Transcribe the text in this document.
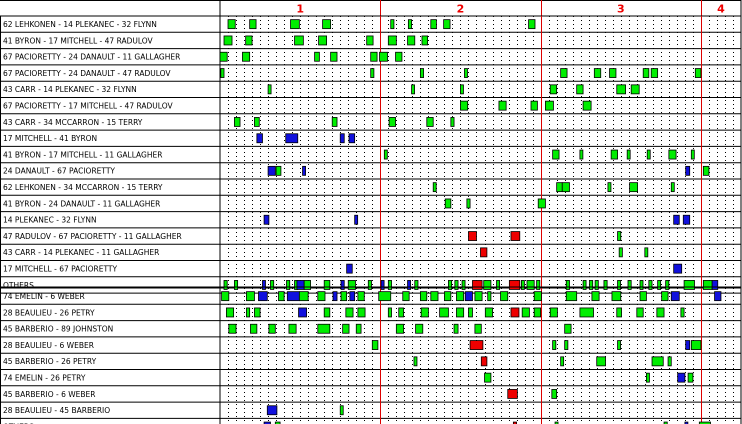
1	2	3	4
62 LEHKONEN - 14 PLEKANEC - 32 FLYNN
41 BYRON - 17 MITCHELL - 47 RADULOV
67 PACIORETTY - 24 DANAULT - 11 GALLAGHER
67 PACIORETTY - 24 DANAULT - 47 RADULOV
43 CARR - 14 PLEKANEC - 32 FLYNN
67 PACIORETTY - 17 MITCHELL - 47 RADULOV
43 CARR - 34 MCCARRON - 15 TERRY
17 MITCHELL - 41 BYRON
41 BYRON - 17 MITCHELL - 11 GALLAGHER
24 DANAULT - 67 PACIORETTY
62 LEHKONEN - 34 MCCARRON - 15 TERRY
41 BYRON - 24 DANAULT - 11 GALLAGHER
14 PLEKANEC - 32 FLYNN
47 RADULOV - 67 PACIORETTY - 11 GALLAGHER
43 CARR - 14 PLEKANEC - 11 GALLAGHER
17 MITCHELL - 67 PACIORETTY
OTHERS
74 EMELIN - 6 WEBER
28 BEAULIEU - 26 PETRY
45 BARBERIO - 89 JOHNSTON
28 BEAULIEU - 6 WEBER
45 BARBERIO - 26 PETRY
74 EMELIN - 26 PETRY
45 BARBERIO - 6 WEBER
28 BEAULIEU - 45 BARBERIO
